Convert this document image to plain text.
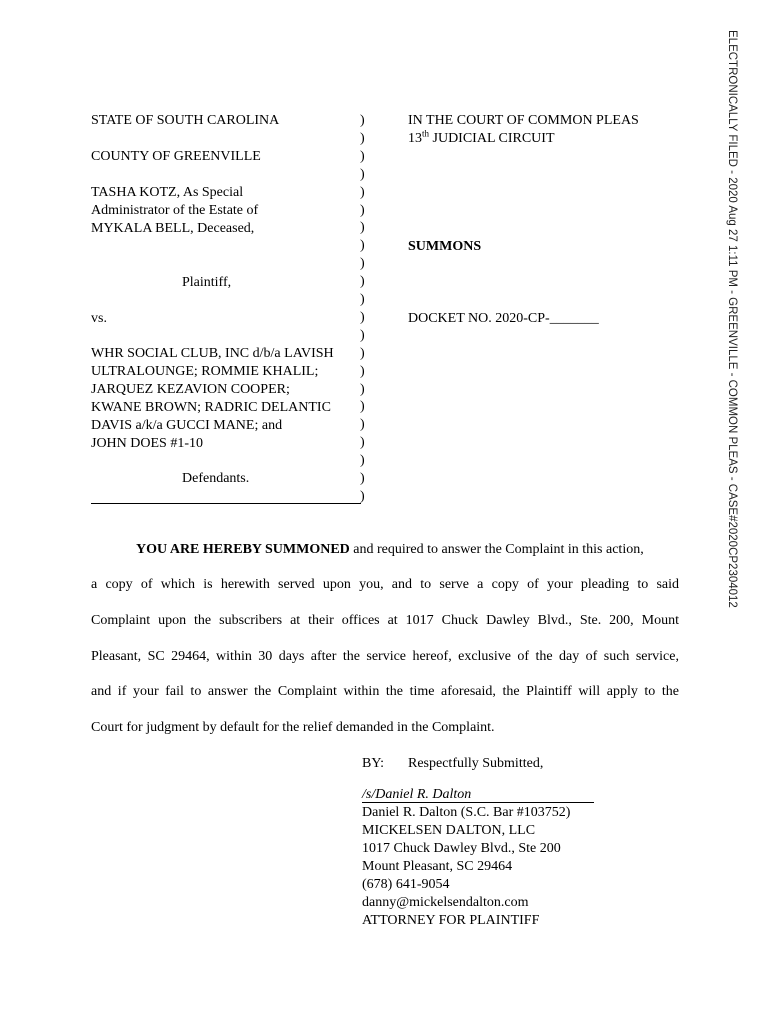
ELECTRONICALLY FILED - 2020 Aug 27 1:11 PM - GREENVILLE - COMMON PLEAS - CASE#2020CP2304012
STATE OF SOUTH CAROLINA
COUNTY OF GREENVILLE
TASHA KOTZ, As Special
Administrator of the Estate of
MYKALA BELL, Deceased,
Plaintiff,
vs.
WHR SOCIAL CLUB, INC d/b/a LAVISH
ULTRALOUNGE; ROMMIE KHALIL;
JARQUEZ KEZAVION COOPER;
KWANE BROWN; RADRIC DELANTIC
DAVIS a/k/a GUCCI MANE; and
JOHN DOES #1-10
Defendants.
)
)
)
)
)
)
)
)
)
)
)
)
)
)
)
)
)
)
)
)
)
)
IN THE COURT OF COMMON PLEAS
13th JUDICIAL CIRCUIT
SUMMONS
DOCKET NO. 2020-CP-_______
YOU ARE HEREBY SUMMONED and required to answer the Complaint in this action,
a copy of which is herewith served upon you, and to serve a copy of your pleading to said
Complaint upon the subscribers at their offices at 1017 Chuck Dawley Blvd., Ste. 200, Mount
Pleasant, SC 29464, within 30 days after the service hereof, exclusive of the day of such service,
and if your fail to answer the Complaint within the time aforesaid, the Plaintiff will apply to the
Court for judgment by default for the relief demanded in the Complaint.
BY: Respectfully Submitted,
/s/Daniel R. Dalton
Daniel R. Dalton (S.C. Bar #103752)
MICKELSEN DALTON, LLC
1017 Chuck Dawley Blvd., Ste 200
Mount Pleasant, SC 29464
(678) 641-9054
danny@mickelsendalton.com
ATTORNEY FOR PLAINTIFF
